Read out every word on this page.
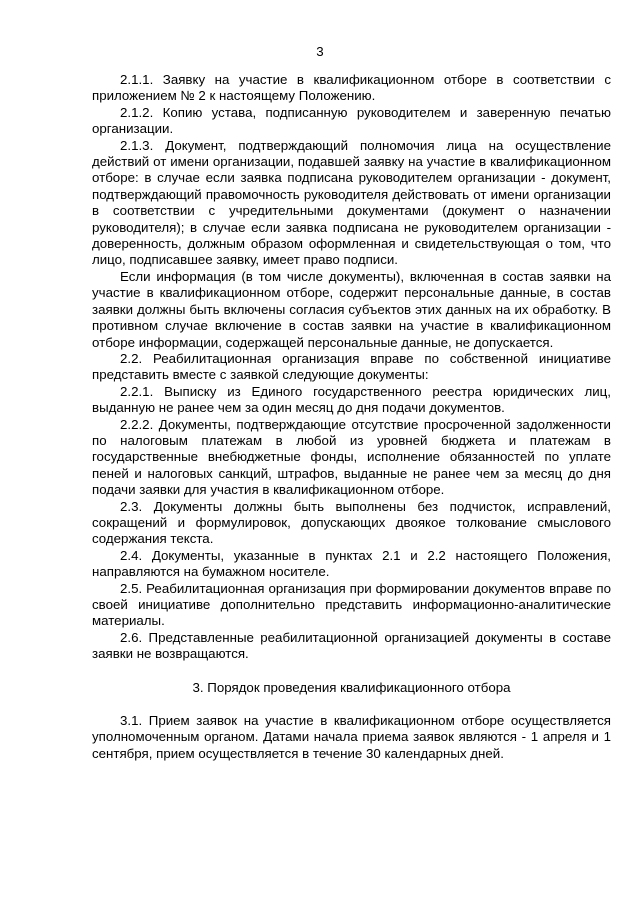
3

2.1.1. Заявку на участие в квалификационном отборе в соответствии с приложением № 2 к настоящему Положению.

2.1.2. Копию устава, подписанную руководителем и заверенную печатью организации.

2.1.3. Документ, подтверждающий полномочия лица на осуществление действий от имени организации, подавшей заявку на участие в квалификационном отборе: в случае если заявка подписана руководителем организации - документ, подтверждающий правомочность руководителя действовать от имени организации в соответствии с учредительными документами (документ о назначении руководителя); в случае если заявка подписана не руководителем организации - доверенность, должным образом оформленная и свидетельствующая о том, что лицо, подписавшее заявку, имеет право подписи.

Если информация (в том числе документы), включенная в состав заявки на участие в квалификационном отборе, содержит персональные данные, в состав заявки должны быть включены согласия субъектов этих данных на их обработку. В противном случае включение в состав заявки на участие в квалификационном отборе информации, содержащей персональные данные, не допускается.

2.2. Реабилитационная организация вправе по собственной инициативе представить вместе с заявкой следующие документы:

2.2.1. Выписку из Единого государственного реестра юридических лиц, выданную не ранее чем за один месяц до дня подачи документов.

2.2.2. Документы, подтверждающие отсутствие просроченной задолженности по налоговым платежам в любой из уровней бюджета и платежам в государственные внебюджетные фонды, исполнение обязанностей по уплате пеней и налоговых санкций, штрафов, выданные не ранее чем за месяц до дня подачи заявки для участия в квалификационном отборе.

2.3. Документы должны быть выполнены без подчисток, исправлений, сокращений и формулировок, допускающих двоякое толкование смыслового содержания текста.

2.4. Документы, указанные в пунктах 2.1 и 2.2 настоящего Положения, направляются на бумажном носителе.

2.5. Реабилитационная организация при формировании документов вправе по своей инициативе дополнительно представить информационно-аналитические материалы.

2.6. Представленные реабилитационной организацией документы в составе заявки не возвращаются.

3. Порядок проведения квалификационного отбора

3.1. Прием заявок на участие в квалификационном отборе осуществляется уполномоченным органом. Датами начала приема заявок являются - 1 апреля и 1 сентября, прием осуществляется в течение 30 календарных дней.
